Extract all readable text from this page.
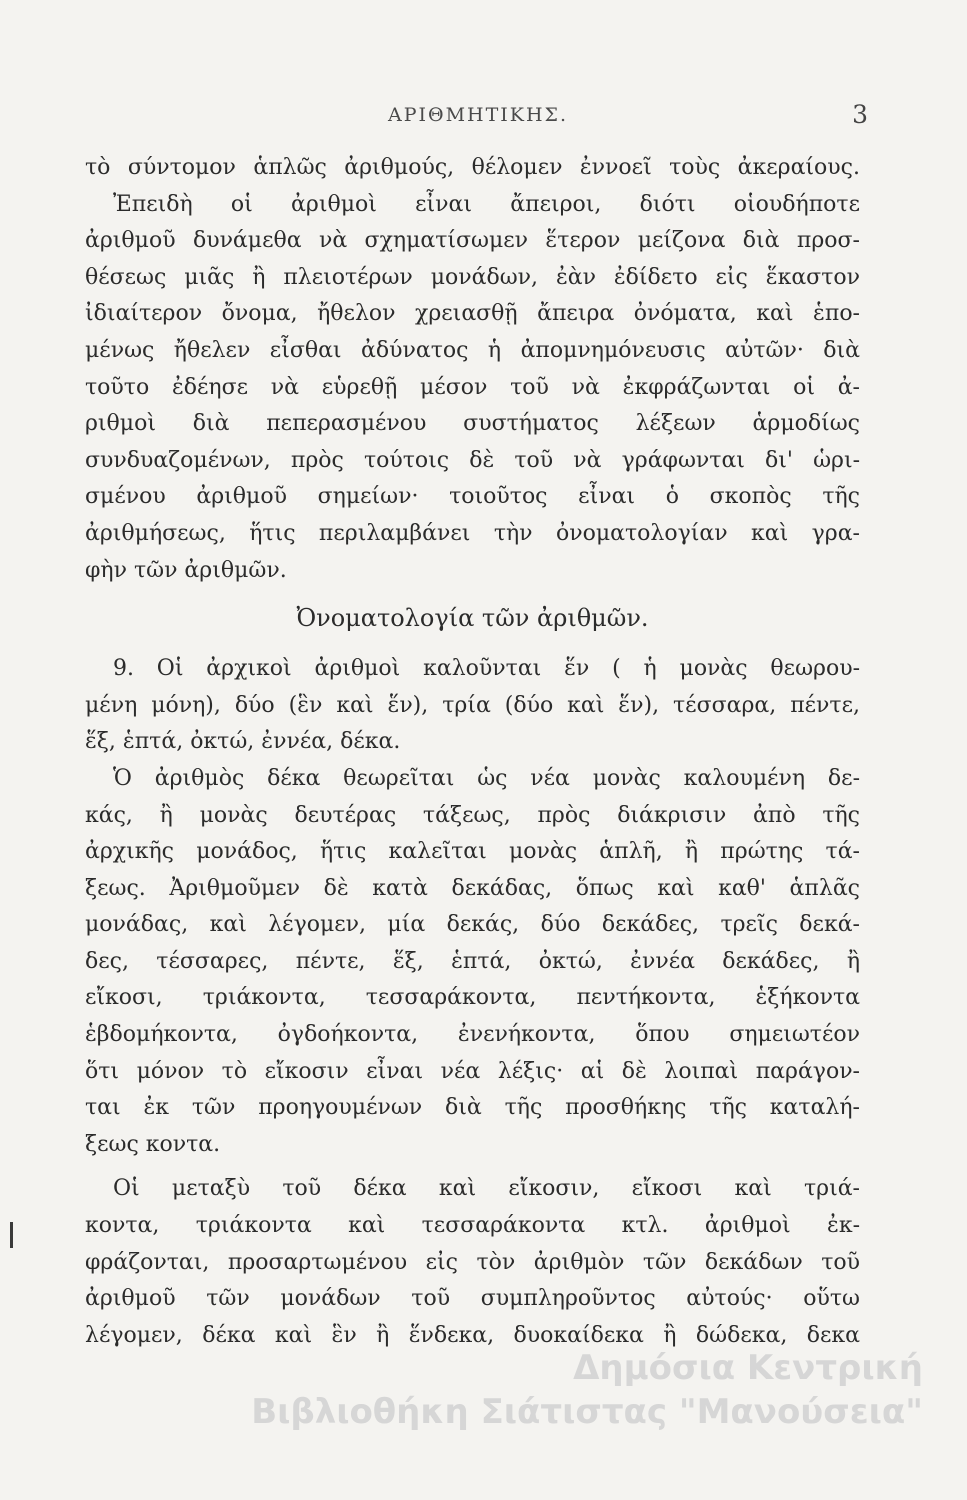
ΑΡΙΘΜΗΤΙΚΗΣ.	3
τὸ σύντομον ἁπλῶς ἀριθμούς, θέλομεν ἐννοεῖ τοὺς ἀκεραίους.
Ἐπειδὴ οἱ ἀριθμοὶ εἶναι ἄπειροι, διότι οἱουδήποτε
ἀριθμοῦ δυνάμεθα νὰ σχηματίσωμεν ἕτερον μείζονα διὰ προσ-
θέσεως μιᾶς ἢ πλειοτέρων μονάδων, ἐὰν ἐδίδετο εἰς ἕκαστον
ἰδιαίτερον ὄνομα, ἤθελον χρειασθῇ ἄπειρα ὀνόματα, καὶ ἑπο-
μένως ἤθελεν εἶσθαι ἀδύνατος ἡ ἀπομνημόνευσις αὐτῶν· διὰ
τοῦτο ἐδέησε νὰ εὑρεθῇ μέσον τοῦ νὰ ἐκφράζωνται οἱ ἀ-
ριθμοὶ διὰ πεπερασμένου συστήματος λέξεων ἁρμοδίως
συνδυαζομένων, πρὸς τούτοις δὲ τοῦ νὰ γράφωνται δι' ὡρι-
σμένου ἀριθμοῦ σημείων· τοιοῦτος εἶναι ὁ σκοπὸς τῆς
ἀριθμήσεως, ἥτις περιλαμβάνει τὴν ὀνοματολογίαν καὶ γρα-
φὴν τῶν ἀριθμῶν.
Ὀνοματολογία τῶν ἀριθμῶν.
9. Οἱ ἀρχικοὶ ἀριθμοὶ καλοῦνται ἕν ( ἡ μονὰς θεωρου-
μένη μόνη), δύο (ἓν καὶ ἕν), τρία (δύο καὶ ἕν), τέσσαρα, πέντε,
ἕξ, ἑπτά, ὀκτώ, ἐννέα, δέκα.
Ὁ ἀριθμὸς δέκα θεωρεῖται ὡς νέα μονὰς καλουμένη δε-
κάς, ἢ μονὰς δευτέρας τάξεως, πρὸς διάκρισιν ἀπὸ τῆς
ἀρχικῆς μονάδος, ἥτις καλεῖται μονὰς ἁπλῆ, ἢ πρώτης τά-
ξεως. Ἀριθμοῦμεν δὲ κατὰ δεκάδας, ὅπως καὶ καθ' ἁπλᾶς
μονάδας, καὶ λέγομεν, μία δεκάς, δύο δεκάδες, τρεῖς δεκά-
δες, τέσσαρες, πέντε, ἕξ, ἑπτά, ὀκτώ, ἐννέα δεκάδες, ἢ
εἴκοσι, τριάκοντα, τεσσαράκοντα, πεντήκοντα, ἑξήκοντα
ἑβδομήκοντα, ὀγδοήκοντα, ἐνενήκοντα, ὅπου σημειωτέον
ὅτι μόνον τὸ εἴκοσιν εἶναι νέα λέξις· αἱ δὲ λοιπαὶ παράγον-
ται ἐκ τῶν προηγουμένων διὰ τῆς προσθήκης τῆς καταλή-
ξεως κοντα.
Οἱ μεταξὺ τοῦ δέκα καὶ εἴκοσιν, εἴκοσι καὶ τριά-
κοντα, τριάκοντα καὶ τεσσαράκοντα κτλ. ἀριθμοὶ ἐκ-
φράζονται, προσαρτωμένου εἰς τὸν ἀριθμὸν τῶν δεκάδων τοῦ
ἀριθμοῦ τῶν μονάδων τοῦ συμπληροῦντος αὐτούς· οὕτω
λέγομεν, δέκα καὶ ἓν ἢ ἕνδεκα, δυοκαίδεκα ἢ δώδεκα, δεκα
Δημόσια Κεντρική
Βιβλιοθήκη Σιάτιστας "Μανούσεια"
